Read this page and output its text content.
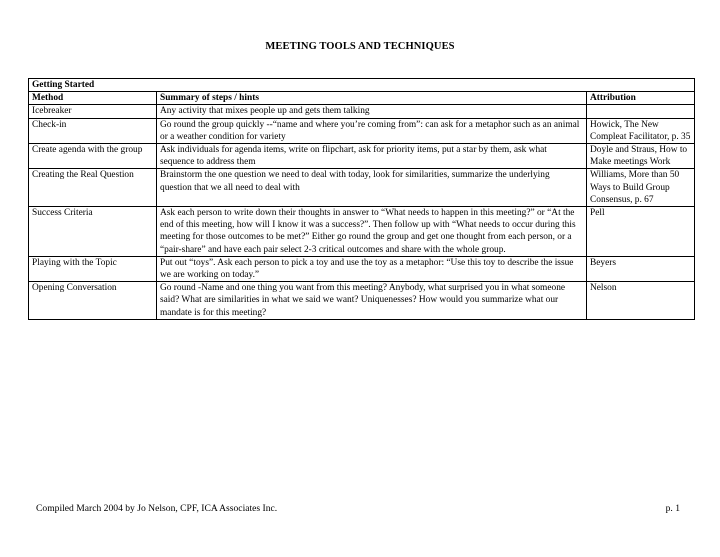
MEETING TOOLS AND TECHNIQUES
Getting Started		
Method	Summary of steps / hints	Attribution
Icebreaker	Any activity that mixes people up and gets them talking	
Check-in	Go round the group quickly --“name and where you’re coming from”: can ask for a metaphor such as an animal or a weather condition for variety	Howick, The New Compleat Facilitator, p. 35
Create agenda with the group	Ask individuals for agenda items, write on flipchart, ask for priority items, put a star by them, ask what sequence to address them	Doyle and Straus, How to Make meetings Work
Creating the Real Question	Brainstorm the one question we need to deal with today, look for similarities, summarize the underlying question that we all need to deal with	Williams, More than 50 Ways to Build Group Consensus, p. 67
Success Criteria	Ask each person to write down their thoughts in answer to “What needs to happen in this meeting?” or “At the end of this meeting, how will I know it was a success?”. Then follow up with “What needs to occur during this meeting for those outcomes to be met?” Either go round the group and get one thought from each person, or a “pair-share” and have each pair select 2-3 critical outcomes and share with the whole group.	Pell
Playing with the Topic	Put out “toys”. Ask each person to pick a toy and use the toy as a metaphor: “Use this toy to describe the issue we are working on today.”	Beyers
Opening Conversation	Go round -Name and one thing you want from this meeting? Anybody, what surprised you in what someone said? What are similarities in what we said we want? Uniquenesses? How would you summarize what our mandate is for this meeting?	Nelson
Compiled March 2004 by Jo Nelson, CPF, ICA Associates Inc.	p. 1
